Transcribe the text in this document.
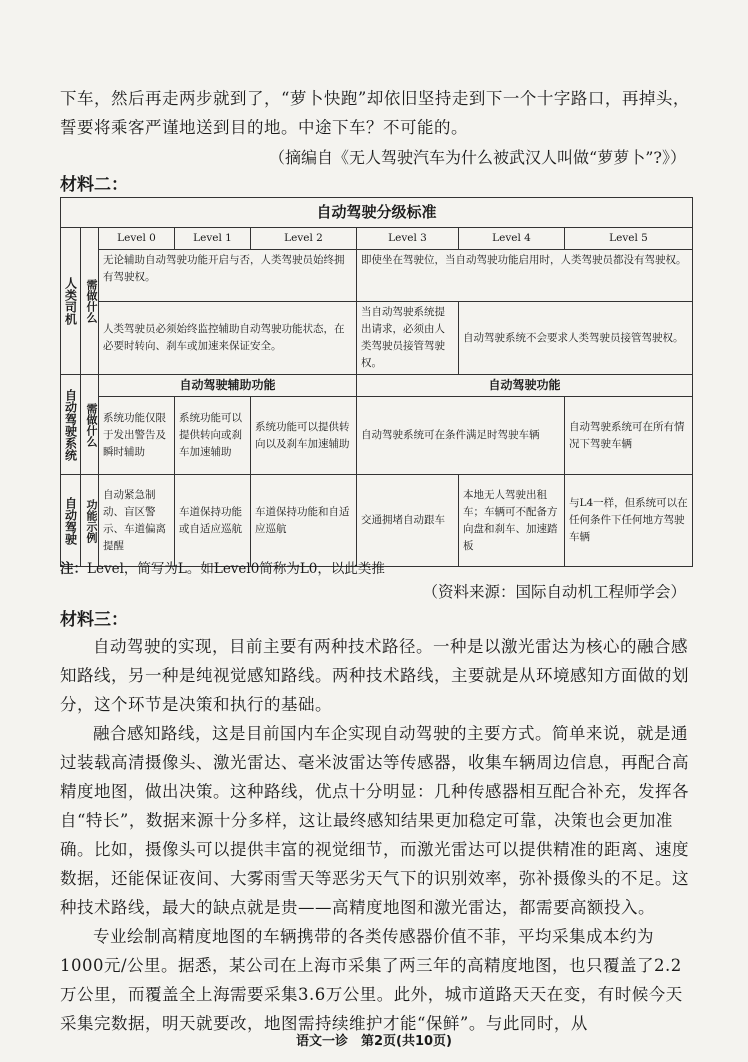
下车，然后再走两步就到了，“萝卜快跑”却依旧坚持走到下一个十字路口，再掉头，誓要将乘客严谨地送到目的地。中途下车？不可能的。
（摘编自《无人驾驶汽车为什么被武汉人叫做“萝萝卜”?》）
材料二：
自动驾驶分级标准							

人类司机	需做什么	Level 0	Level 1	Level 2	Level 3	Level 4	Level 5
		无论辅助自动驾驶功能开启与否，人类驾驶员始终拥有驾驶权。			即使坐在驾驶位，当自动驾驶功能启用时，人类驾驶员都没有驾驶权。		
		人类驾驶员必须始终监控辅助自动驾驶功能状态，在必要时转向、刹车或加速来保证安全。			当自动驾驶系统提出请求，必须由人类驾驶员接管驾驶权。	自动驾驶系统不会要求人类驾驶员接管驾驶权。	

自动驾驶系统	需做什么	自动驾驶辅助功能			自动驾驶功能		
		系统功能仅限于发出警告及瞬时辅助	系统功能可以提供转向或刹车加速辅助	系统功能可以提供转向以及刹车加速辅助	自动驾驶系统可在条件满足时驾驶车辆		自动驾驶系统可在所有情况下驾驶车辆

自动驾驶	功能示例	自动紧急制动、盲区警示、车道偏离提醒	车道保持功能或自适应巡航	车道保持功能和自适应巡航	交通拥堵自动跟车	本地无人驾驶出租车；车辆可不配备方向盘和刹车、加速踏板	与L4一样，但系统可以在任何条件下任何地方驾驶车辆
注：Level，简写为L。如Level0简称为L0，以此类推
（资料来源：国际自动机工程师学会）
材料三：

自动驾驶的实现，目前主要有两种技术路径。一种是以激光雷达为核心的融合感知路线，另一种是纯视觉感知路线。两种技术路线，主要就是从环境感知方面做的划分，这个环节是决策和执行的基础。

融合感知路线，这是目前国内车企实现自动驾驶的主要方式。简单来说，就是通过装载高清摄像头、激光雷达、毫米波雷达等传感器，收集车辆周边信息，再配合高精度地图，做出决策。这种路线，优点十分明显：几种传感器相互配合补充，发挥各自“特长”，数据来源十分多样，这让最终感知结果更加稳定可靠，决策也会更加准确。比如，摄像头可以提供丰富的视觉细节，而激光雷达可以提供精准的距离、速度数据，还能保证夜间、大雾雨雪天等恶劣天气下的识别效率，弥补摄像头的不足。这种技术路线，最大的缺点就是贵——高精度地图和激光雷达，都需要高额投入。

专业绘制高精度地图的车辆携带的各类传感器价值不菲，平均采集成本约为1000元/公里。据悉，某公司在上海市采集了两三年的高精度地图，也只覆盖了2.2万公里，而覆盖全上海需要采集3.6万公里。此外，城市道路天天在变，有时候今天采集完数据，明天就要改，地图需持续维护才能“保鲜”。与此同时，从

语文一诊　第2页(共10页)
